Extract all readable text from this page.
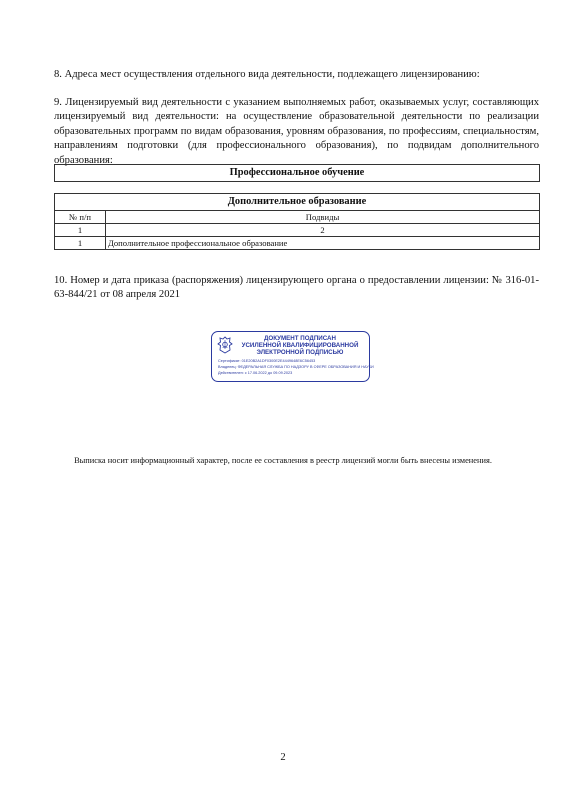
8. Адреса мест осуществления отдельного вида деятельности, подлежащего лицензированию:
9. Лицензируемый вид деятельности с указанием выполняемых работ, оказываемых услуг, составляющих лицензируемый вид деятельности: на осуществление образовательной деятельности по реализации образовательных программ по видам образования, уровням образования, по профессиям, специальностям, направлениям подготовки (для профессионального образования), по подвидам дополнительного образования:
Профессиональное обучение
Дополнительное образование	
№ п/п	Подвиды
1	2
1	Дополнительное профессиональное образование
10. Номер и дата приказа (распоряжения) лицензирующего органа о предоставлении лицензии: № 316-01-63-844/21 от 08 апреля 2021
ДОКУМЕНТ ПОДПИСАН
УСИЛЕННОЙ КВАЛИФИЦИРОВАННОЙ
ЭЛЕКТРОННОЙ ПОДПИСЬЮ
Сертификат: 01E20B2A1DF0300E2E4449648E6C56453
Владелец: ФЕДЕРАЛЬНАЯ СЛУЖБА ПО НАДЗОРУ В СФЕРЕ ОБРАЗОВАНИЯ И НАУКИ
Действителен: с 17.06.2022 до 09.09.2023
Выписка носит информационный характер, после ее составления в реестр лицензий могли быть внесены изменения.
2
